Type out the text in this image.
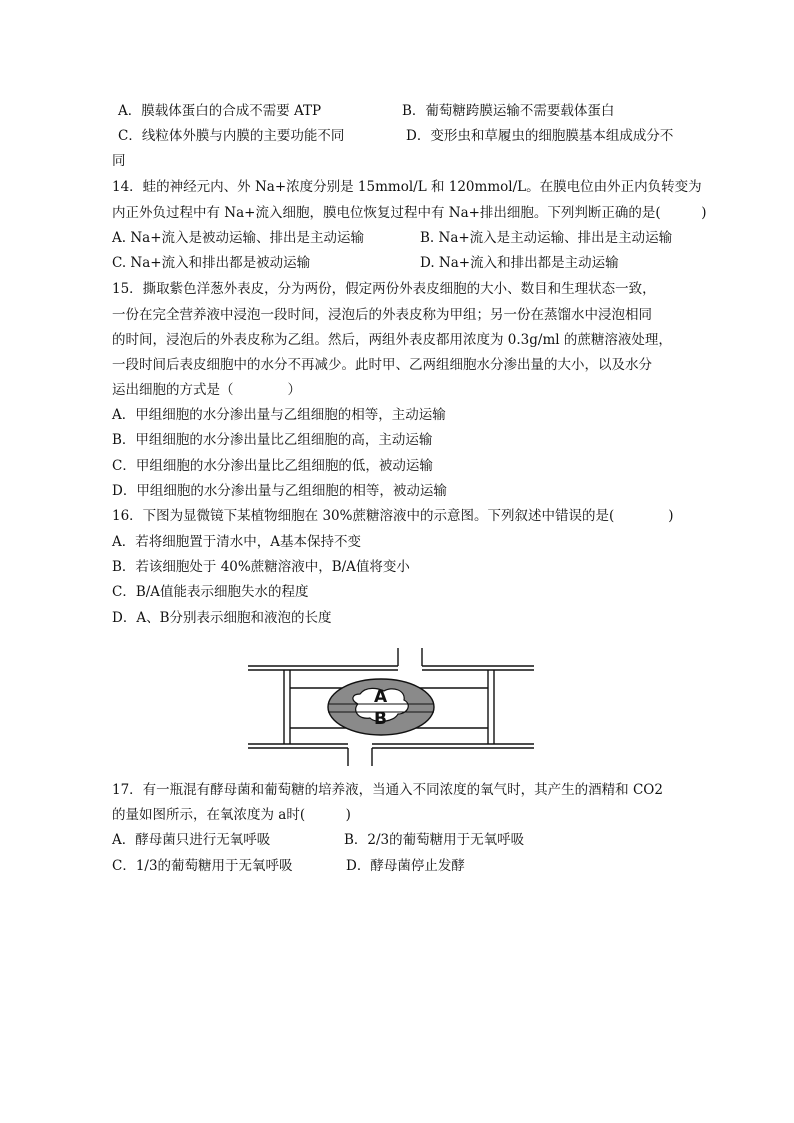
A．膜载体蛋白的合成不需要 ATP	B．葡萄糖跨膜运输不需要载体蛋白
C．线粒体外膜与内膜的主要功能不同	D．变形虫和草履虫的细胞膜基本组成成分不
同
14．蛙的神经元内、外 Na+浓度分别是 15mmol/L 和 120mmol/L。在膜电位由外正内负转变为
内正外负过程中有 Na+流入细胞，膜电位恢复过程中有 Na+排出细胞。下列判断正确的是(　　　)
A. Na+流入是被动运输、排出是主动运输	B. Na+流入是主动运输、排出是主动运输
C. Na+流入和排出都是被动运输	D. Na+流入和排出都是主动运输
15．撕取紫色洋葱外表皮，分为两份，假定两份外表皮细胞的大小、数目和生理状态一致，
一份在完全营养液中浸泡一段时间，浸泡后的外表皮称为甲组；另一份在蒸馏水中浸泡相同
的时间，浸泡后的外表皮称为乙组。然后，两组外表皮都用浓度为 0.3g/ml 的蔗糖溶液处理，
一段时间后表皮细胞中的水分不再减少。此时甲、乙两组细胞水分渗出量的大小，以及水分
运出细胞的方式是（　　　　）
A．甲组细胞的水分渗出量与乙组细胞的相等，主动运输
B．甲组细胞的水分渗出量比乙组细胞的高，主动运输
C．甲组细胞的水分渗出量比乙组细胞的低，被动运输
D．甲组细胞的水分渗出量与乙组细胞的相等，被动运输
16．下图为显微镜下某植物细胞在 30%蔗糖溶液中的示意图。下列叙述中错误的是(　　　　)
A．若将细胞置于清水中，A基本保持不变
B．若该细胞处于 40%蔗糖溶液中，B/A值将变小
C．B/A值能表示细胞失水的程度
D．A、B分别表示细胞和液泡的长度
A
B
17．有一瓶混有酵母菌和葡萄糖的培养液，当通入不同浓度的氧气时，其产生的酒精和 CO2
的量如图所示，在氧浓度为 a时(　　　)
A．酵母菌只进行无氧呼吸	B．2/3的葡萄糖用于无氧呼吸
C．1/3的葡萄糖用于无氧呼吸	D．酵母菌停止发酵
